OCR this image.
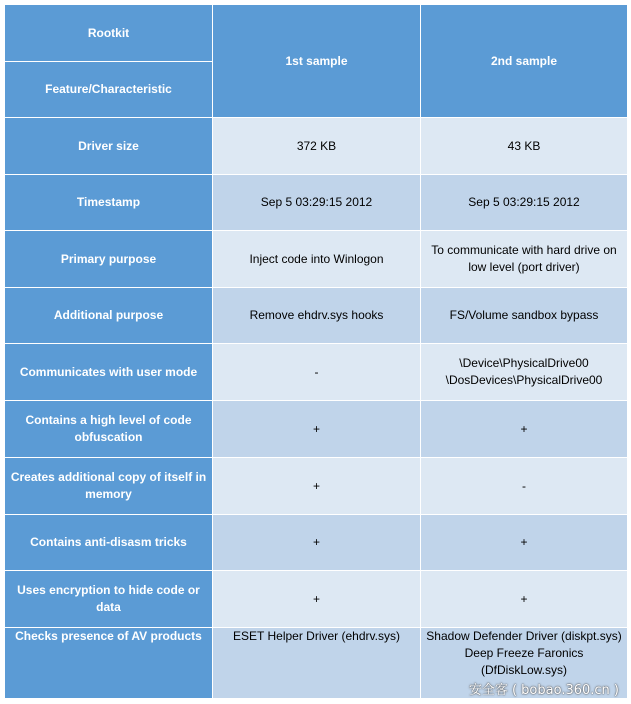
Rootkit	1st sample	2nd sample
Feature/Characteristic		
Driver size	372 KB	43 KB
Timestamp	Sep 5 03:29:15 2012	Sep 5 03:29:15 2012
Primary purpose	Inject code into Winlogon	To communicate with hard drive on low level (port driver)
Additional purpose	Remove ehdrv.sys hooks	FS/Volume sandbox bypass
Communicates with user mode	-	\Device\PhysicalDrive00
\DosDevices\PhysicalDrive00

Contains a high level of code obfuscation	+	+
Creates additional copy of itself in memory	+	-
Contains anti-disasm tricks	+	+
Uses encryption to hide code or data	+	+
Checks presence of AV products	ESET Helper Driver (ehdrv.sys)	Shadow Defender Driver (diskpt.sys)
Deep Freeze Faronics (DfDiskLow.sys)
安全客 ( bobao.360.cn )
